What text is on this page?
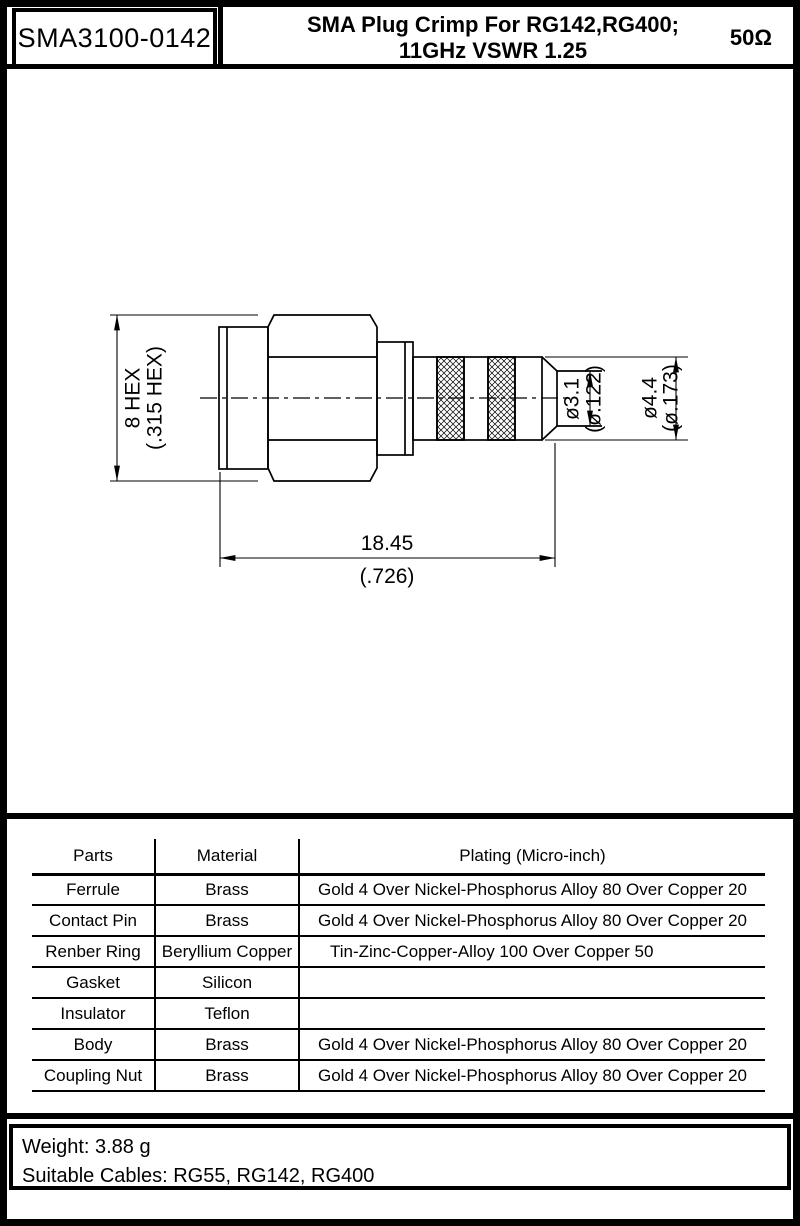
SMA3100-0142	SMA Plug Crimp For RG142,RG400;
11GHz VSWR 1.25
50Ω
8 HEX (.315 HEX)
18.45
(.726)
ø3.1 (ø.122) ø4.4
(ø.173)
Parts	Material	Plating (Micro-inch)
Ferrule	Brass	Gold 4 Over Nickel-Phosphorus Alloy 80 Over Copper 20
Contact Pin	Brass	Gold 4 Over Nickel-Phosphorus Alloy 80 Over Copper 20
Renber Ring	Beryllium Copper	Tin-Zinc-Copper-Alloy 100 Over Copper 50
Gasket	Silicon	
Insulator	Teflon	
Body	Brass	Gold 4 Over Nickel-Phosphorus Alloy 80 Over Copper 20
Coupling Nut	Brass	Gold 4 Over Nickel-Phosphorus Alloy 80 Over Copper 20
Weight: 3.88 g
Suitable Cables: RG55, RG142, RG400
